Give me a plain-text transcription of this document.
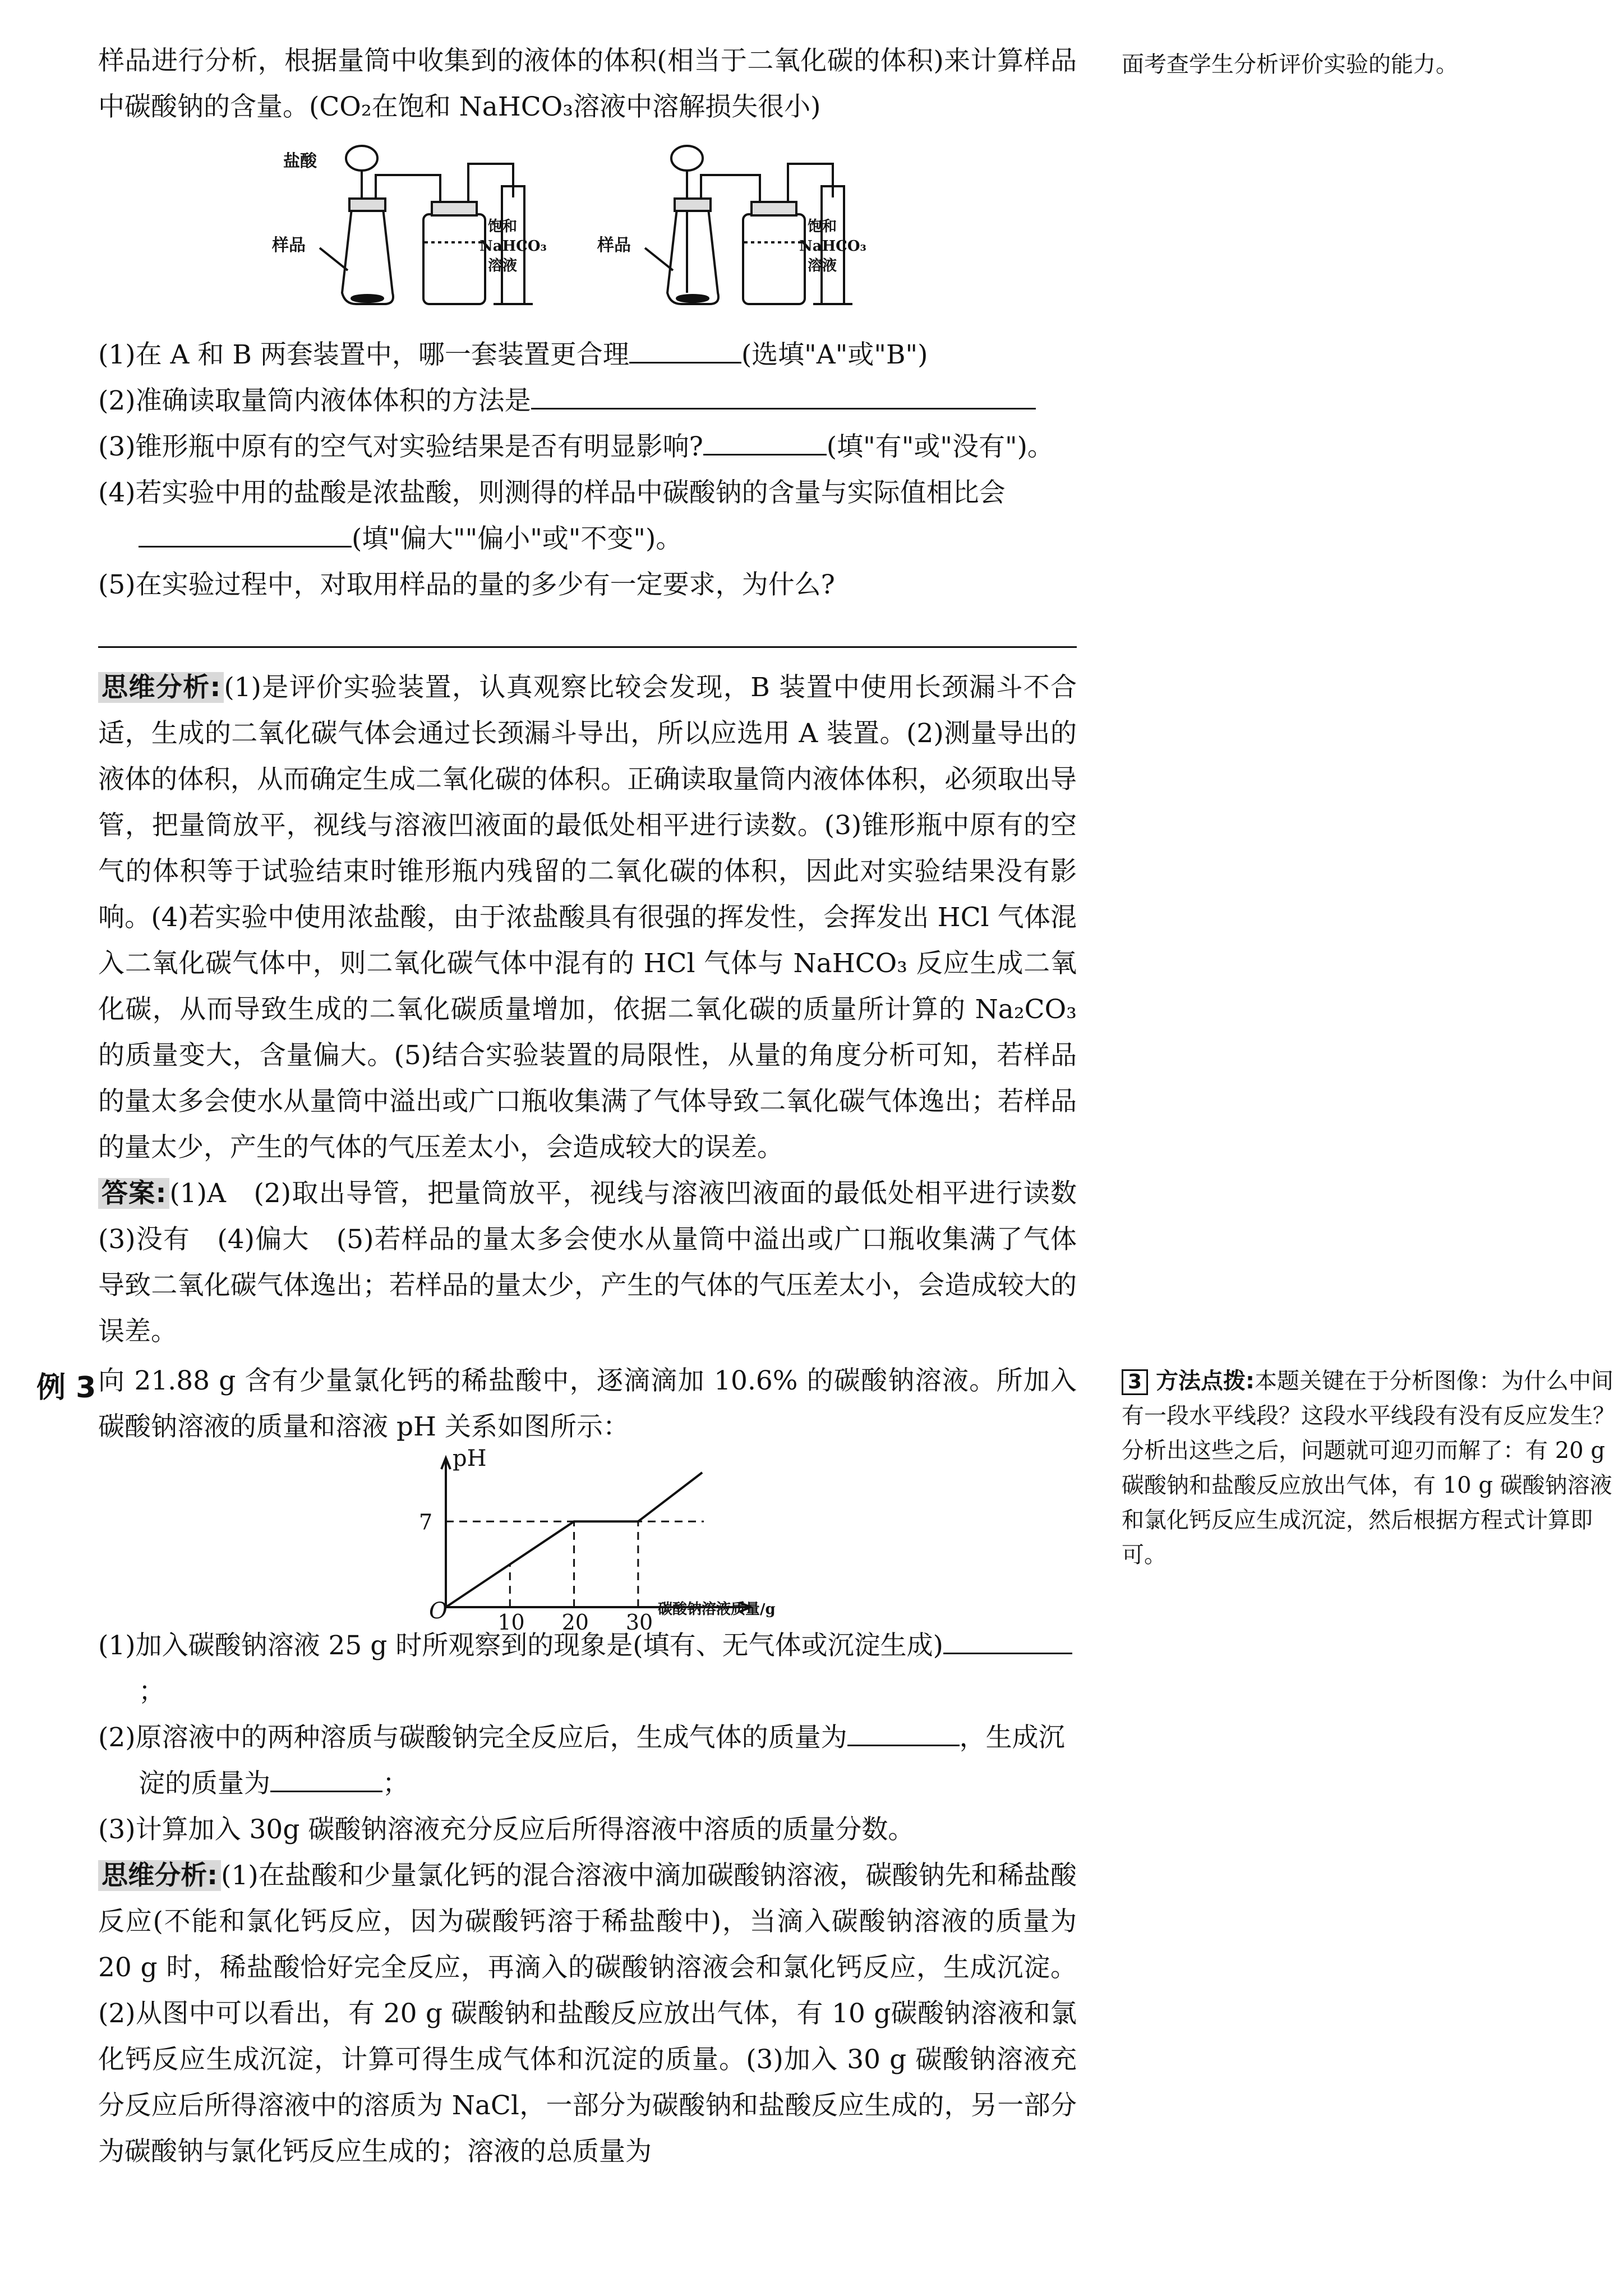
面考查学生分析评价实验的能力。

样品进行分析，根据量筒中收集到的液体的体积(相当于二氧化碳的体积)来计算样品中碳酸钠的含量。(CO₂在饱和 NaHCO₃溶液中溶解损失很小)

盐酸
样品	样品
饱和
NaHCO₃
溶液
饱和
NaHCO₃
溶液

(1)在 A 和 B 两套装置中，哪一套装置更合理	(选填"A"或"B")

(2)准确读取量筒内液体体积的方法是

(3)锥形瓶中原有的空气对实验结果是否有明显影响?	(填"有"或"没有")。

(4)若实验中用的盐酸是浓盐酸，则测得的样品中碳酸钠的含量与实际值相比会(填"偏大""偏小"或"不变")。

(5)在实验过程中，对取用样品的量的多少有一定要求，为什么?

思维分析: (1)是评价实验装置，认真观察比较会发现，B 装置中使用长颈漏斗不合适，生成的二氧化碳气体会通过长颈漏斗导出，所以应选用 A 装置。(2)测量导出的液体的体积，从而确定生成二氧化碳的体积。正确读取量筒内液体体积，必须取出导管，把量筒放平，视线与溶液凹液面的最低处相平进行读数。(3)锥形瓶中原有的空气的体积等于试验结束时锥形瓶内残留的二氧化碳的体积，因此对实验结果没有影响。(4)若实验中使用浓盐酸，由于浓盐酸具有很强的挥发性，会挥发出 HCl 气体混入二氧化碳气体中，则二氧化碳气体中混有的 HCl 气体与 NaHCO₃ 反应生成二氧化碳，从而导致生成的二氧化碳质量增加，依据二氧化碳的质量所计算的 Na₂CO₃ 的质量变大，含量偏大。(5)结合实验装置的局限性，从量的角度分析可知，若样品的量太多会使水从量筒中溢出或广口瓶收集满了气体导致二氧化碳气体逸出；若样品的量太少，产生的气体的气压差太小，会造成较大的误差。

答案: (1)A　(2)取出导管，把量筒放平，视线与溶液凹液面的最低处相平进行读数　(3)没有　(4)偏大　(5)若样品的量太多会使水从量筒中溢出或广口瓶收集满了气体导致二氧化碳气体逸出；若样品的量太少，产生的气体的气压差太小，会造成较大的误差。

向 21.88 g 含有少量氯化钙的稀盐酸中，逐滴滴加 10.6% 的碳酸钠溶液。所加入碳酸钠溶液的质量和溶液 pH 关系如图所示：

10 20 30
7
pH
O	碳酸钠溶液质量/g

(1)加入碳酸钠溶液 25 g 时所观察到的现象是(填有、无气体或沉淀生成)；

(2)原溶液中的两种溶质与碳酸钠完全反应后，生成气体的质量为	，生成沉淀的质量为	；

(3)计算加入 30g 碳酸钠溶液充分反应后所得溶液中溶质的质量分数。

思维分析: (1)在盐酸和少量氯化钙的混合溶液中滴加碳酸钠溶液，碳酸钠先和稀盐酸反应(不能和氯化钙反应，因为碳酸钙溶于稀盐酸中)，当滴入碳酸钠溶液的质量为 20 g 时，稀盐酸恰好完全反应，再滴入的碳酸钠溶液会和氯化钙反应，生成沉淀。(2)从图中可以看出，有 20 g 碳酸钠和盐酸反应放出气体，有 10 g碳酸钠溶液和氯化钙反应生成沉淀，计算可得生成气体和沉淀的质量。(3)加入 30 g 碳酸钠溶液充分反应后所得溶液中的溶质为 NaCl，一部分为碳酸钠和盐酸反应生成的，另一部分为碳酸钠与氯化钙反应生成的；溶液的总质量为

例 3	3 方法点拨:本题关键在于分析图像：为什么中间有一段水平线段？这段水平线段有没有反应发生？分析出这些之后，问题就可迎刃而解了：有 20 g 碳酸钠和盐酸反应放出气体，有 10 g 碳酸钠溶液和氯化钙反应生成沉淀，然后根据方程式计算即可。
